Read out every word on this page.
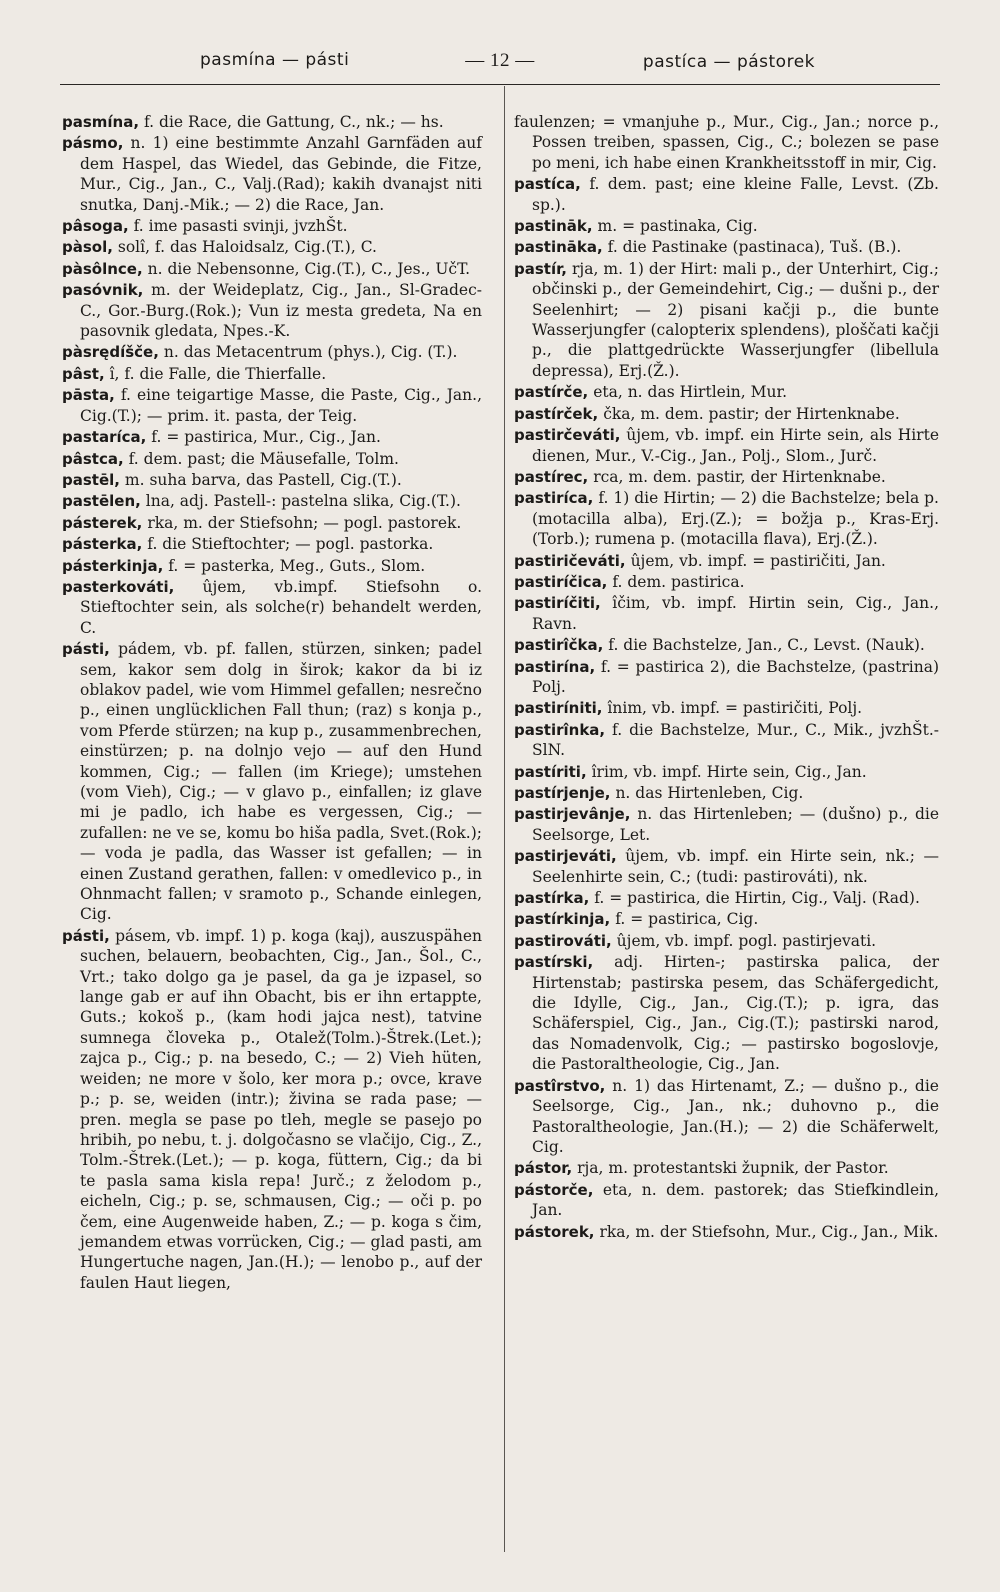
pasmína — pásti	— 12 —	pastíca — pástorek

pasmína, f. die Race, die Gattung, C., nk.; — hs.

pásmo, n. 1) eine bestimmte Anzahl Garnfäden auf dem Haspel, das Wiedel, das Gebinde, die Fitze, Mur., Cig., Jan., C., Valj.(Rad); kakih dvanajst niti snutka, Danj.-Mik.; — 2) die Race, Jan.

pâsoga, f. ime pasasti svinji, jvzhŠt.

pàsol, solî, f. das Haloidsalz, Cig.(T.), C.

pàsôlnce, n. die Nebensonne, Cig.(T.), C., Jes., UčT.

pasóvnik, m. der Weideplatz, Cig., Jan., Sl-Gradec-C., Gor.-Burg.(Rok.); Vun iz mesta gredeta, Na en pasovnik gledata, Npes.-K.

pàsrędíšče, n. das Metacentrum (phys.), Cig. (T.).

pâst, î, f. die Falle, die Thierfalle.

pāsta, f. eine teigartige Masse, die Paste, Cig., Jan., Cig.(T.); — prim. it. pasta, der Teig.

pastaríca, f. = pastirica, Mur., Cig., Jan.

pâstca, f. dem. past; die Mäusefalle, Tolm.

pastēl, m. suha barva, das Pastell, Cig.(T.).

pastēlen, lna, adj. Pastell-: pastelna slika, Cig.(T.).

pásterek, rka, m. der Stiefsohn; — pogl. pastorek.

pásterka, f. die Stieftochter; — pogl. pastorka.

pásterkinja, f. = pasterka, Meg., Guts., Slom.

pasterkováti, ûjem, vb.impf. Stiefsohn o. Stieftochter sein, als solche(r) behandelt werden, C.

pásti, pádem, vb. pf. fallen, stürzen, sinken; padel sem, kakor sem dolg in širok; kakor da bi iz oblakov padel, wie vom Himmel gefallen; nesrečno p., einen unglücklichen Fall thun; (raz) s konja p., vom Pferde stürzen; na kup p., zusammenbrechen, einstürzen; p. na dolnjo vejo — auf den Hund kommen, Cig.; — fallen (im Kriege); umstehen (vom Vieh), Cig.; — v glavo p., einfallen; iz glave mi je padlo, ich habe es vergessen, Cig.; — zufallen: ne ve se, komu bo hiša padla, Svet.(Rok.); — voda je padla, das Wasser ist gefallen; — in einen Zustand gerathen, fallen: v omedlevico p., in Ohnmacht fallen; v sramoto p., Schande einlegen, Cig.

pásti, pásem, vb. impf. 1) p. koga (kaj), auszuspähen suchen, belauern, beobachten, Cig., Jan., Šol., C., Vrt.; tako dolgo ga je pasel, da ga je izpasel, so lange gab er auf ihn Obacht, bis er ihn ertappte, Guts.; kokoš p., (kam hodi jajca nest), tatvine sumnega človeka p., Otalež(Tolm.)-Štrek.(Let.); zajca p., Cig.; p. na besedo, C.; — 2) Vieh hüten, weiden; ne more v šolo, ker mora p.; ovce, krave p.; p. se, weiden (intr.); živina se rada pase; — pren. megla se pase po tleh, megle se pasejo po hribih, po nebu, t. j. dolgočasno se vlačijo, Cig., Z., Tolm.-Štrek.(Let.); — p. koga, füttern, Cig.; da bi te pasla sama kisla repa! Jurč.; z želodom p., eicheln, Cig.; p. se, schmausen, Cig.; — oči p. po čem, eine Augenweide haben, Z.; — p. koga s čim, jemandem etwas vorrücken, Cig.; — glad pasti, am Hungertuche nagen, Jan.(H.); — lenobo p., auf der faulen Haut liegen,

faulenzen; = vmanjuhe p., Mur., Cig., Jan.; norce p., Possen treiben, spassen, Cig., C.; bolezen se pase po meni, ich habe einen Krankheitsstoff in mir, Cig.

pastíca, f. dem. past; eine kleine Falle, Levst. (Zb. sp.).

pastināk, m. = pastinaka, Cig.

pastināka, f. die Pastinake (pastinaca), Tuš. (B.).

pastír, rja, m. 1) der Hirt: mali p., der Unterhirt, Cig.; občinski p., der Gemeindehirt, Cig.; — dušni p., der Seelenhirt; — 2) pisani kačji p., die bunte Wasserjungfer (calopterix splendens), ploščati kačji p., die plattgedrückte Wasserjungfer (libellula depressa), Erj.(Ž.).

pastírče, eta, n. das Hirtlein, Mur.

pastírček, čka, m. dem. pastir; der Hirtenknabe.

pastirčeváti, ûjem, vb. impf. ein Hirte sein, als Hirte dienen, Mur., V.-Cig., Jan., Polj., Slom., Jurč.

pastírec, rca, m. dem. pastir, der Hirtenknabe.

pastiríca, f. 1) die Hirtin; — 2) die Bachstelze; bela p. (motacilla alba), Erj.(Z.); = božja p., Kras-Erj.(Torb.); rumena p. (motacilla flava), Erj.(Ž.).

pastiričeváti, ûjem, vb. impf. = pastiričiti, Jan.

pastiríčica, f. dem. pastirica.

pastiríčiti, îčim, vb. impf. Hirtin sein, Cig., Jan., Ravn.

pastirîčka, f. die Bachstelze, Jan., C., Levst. (Nauk).

pastirína, f. = pastirica 2), die Bachstelze, (pastrina) Polj.

pastiríniti, înim, vb. impf. = pastiričiti, Polj.

pastirînka, f. die Bachstelze, Mur., C., Mik., jvzhŠt.-SlN.

pastíriti, îrim, vb. impf. Hirte sein, Cig., Jan.

pastírjenje, n. das Hirtenleben, Cig.

pastirjevânje, n. das Hirtenleben; — (dušno) p., die Seelsorge, Let.

pastirjeváti, ûjem, vb. impf. ein Hirte sein, nk.; — Seelenhirte sein, C.; (tudi: pastirováti), nk.

pastírka, f. = pastirica, die Hirtin, Cig., Valj. (Rad).

pastírkinja, f. = pastirica, Cig.

pastirováti, ûjem, vb. impf. pogl. pastirjevati.

pastírski, adj. Hirten-; pastirska palica, der Hirtenstab; pastirska pesem, das Schäfergedicht, die Idylle, Cig., Jan., Cig.(T.); p. igra, das Schäferspiel, Cig., Jan., Cig.(T.); pastirski narod, das Nomadenvolk, Cig.; — pastirsko bogoslovje, die Pastoraltheologie, Cig., Jan.

pastîrstvo, n. 1) das Hirtenamt, Z.; — dušno p., die Seelsorge, Cig., Jan., nk.; duhovno p., die Pastoraltheologie, Jan.(H.); — 2) die Schäferwelt, Cig.

pástor, rja, m. protestantski župnik, der Pastor.

pástorče, eta, n. dem. pastorek; das Stiefkindlein, Jan.

pástorek, rka, m. der Stiefsohn, Mur., Cig., Jan., Mik.
